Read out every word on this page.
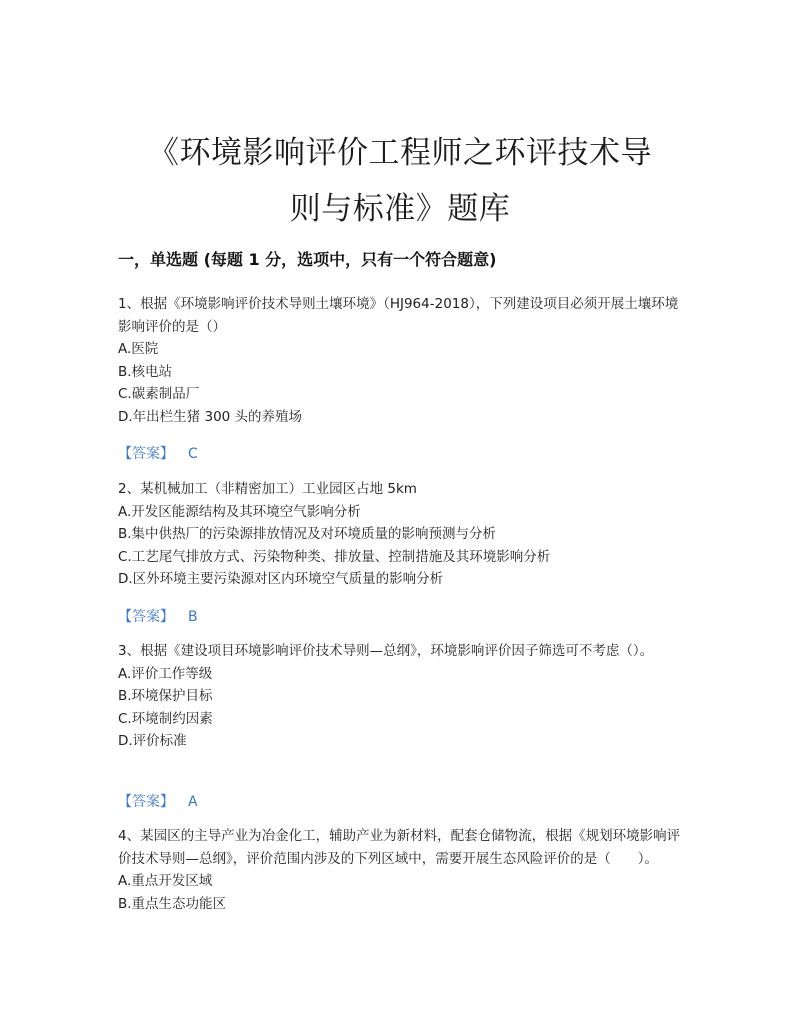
《环境影响评价工程师之环评技术导
则与标准》题库
一，单选题 (每题 1 分，选项中，只有一个符合题意)

1、根据《环境影响评价技术导则土壤环境》（HJ964-2018），下列建设项目必须开展土壤环境影响评价的是（）

A.医院

B.核电站

C.碳素制品厂

D.年出栏生猪 300 头的养殖场

【答案】 C

2、某机械加工（非精密加工）工业园区占地 5km

A.开发区能源结构及其环境空气影响分析

B.集中供热厂的污染源排放情况及对环境质量的影响预测与分析

C.工艺尾气排放方式、污染物种类、排放量、控制措施及其环境影响分析

D.区外环境主要污染源对区内环境空气质量的影响分析

【答案】 B

3、根据《建设项目环境影响评价技术导则—总纲》，环境影响评价因子筛选可不考虑（）。

A.评价工作等级

B.环境保护目标

C.环境制约因素

D.评价标准

【答案】 A

4、某园区的主导产业为冶金化工，辅助产业为新材料，配套仓储物流，根据《规划环境影响评价技术导则—总纲》，评价范围内涉及的下列区域中，需要开展生态风险评价的是（　　）。

A.重点开发区域

B.重点生态功能区
